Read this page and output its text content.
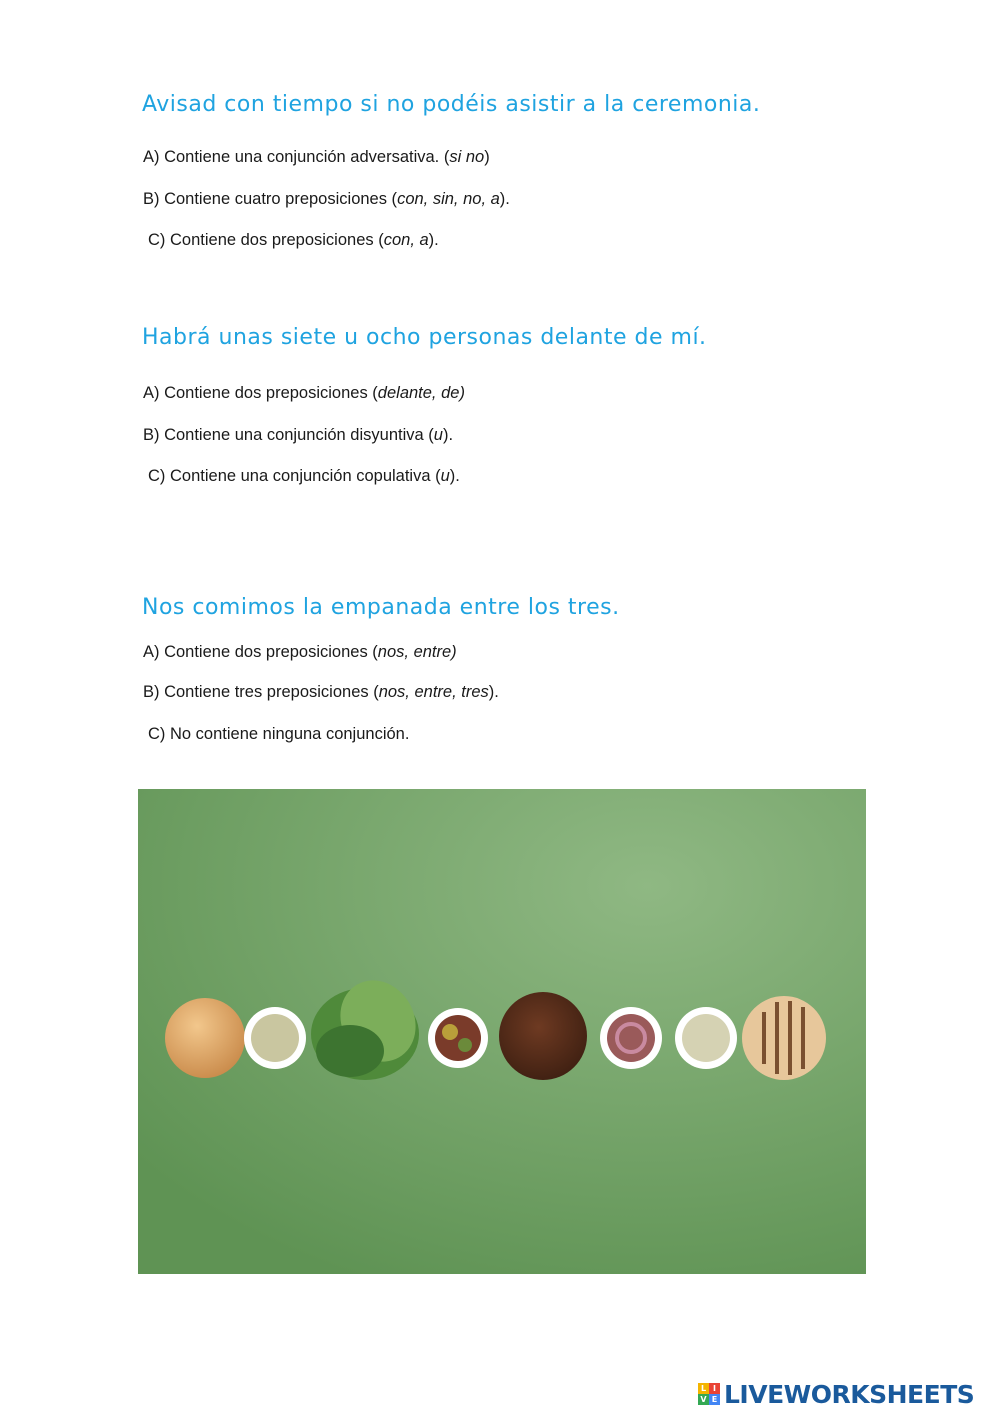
Avisad con tiempo si no podéis asistir a la ceremonia.

A) Contiene una conjunción adversativa. (si no)

B) Contiene cuatro preposiciones (con, sin, no, a).

C) Contiene dos preposiciones (con, a).

Habrá unas siete u ocho personas delante de mí.

A) Contiene dos preposiciones (delante, de)

B) Contiene una conjunción disyuntiva (u).

C) Contiene una conjunción copulativa (u).

Nos comimos la empanada entre los tres.

A) Contiene dos preposiciones (nos, entre)

B) Contiene tres preposiciones (nos, entre, tres).

C) No contiene ninguna conjunción.

L I
V E LIVEWORKSHEETS
